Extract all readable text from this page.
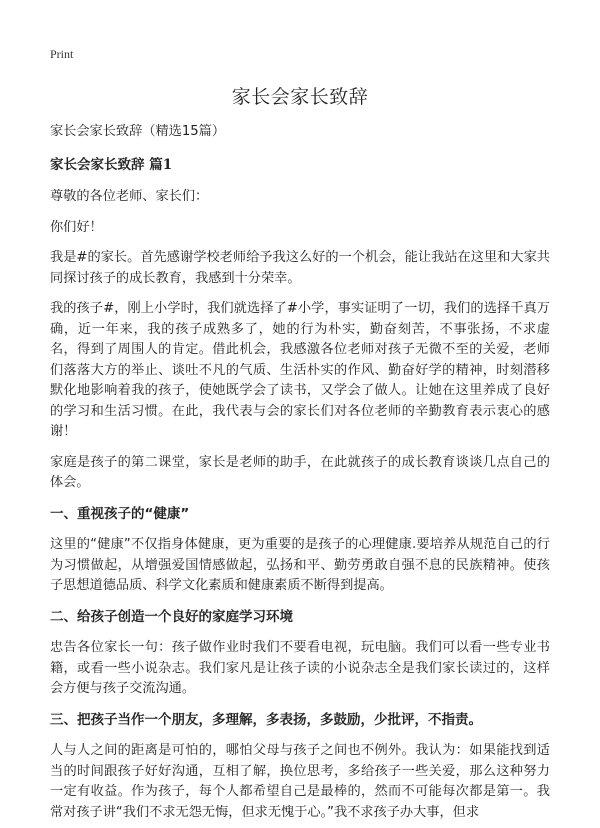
Print
家长会家长致辞
家长会家长致辞（精选15篇）
家长会家长致辞 篇1
尊敬的各位老师、家长们：
你们好！
我是#的家长。首先感谢学校老师给予我这么好的一个机会，能让我站在这里和大家共同探讨孩子的成长教育，我感到十分荣幸。
我的孩子#，刚上小学时，我们就选择了#小学，事实证明了一切，我们的选择千真万确，近一年来，我的孩子成熟多了，她的行为朴实，勤奋刻苦，不事张扬，不求虚名，得到了周围人的肯定。借此机会，我感激各位老师对孩子无微不至的关爱，老师们落落大方的举止、谈吐不凡的气质、生活朴实的作风、勤奋好学的精神，时刻潜移默化地影响着我的孩子，使她既学会了读书，又学会了做人。让她在这里养成了良好的学习和生活习惯。在此，我代表与会的家长们对各位老师的辛勤教育表示衷心的感谢！
家庭是孩子的第二课堂，家长是老师的助手，在此就孩子的成长教育谈谈几点自己的体会。
一、重视孩子的“健康”
这里的“健康”不仅指身体健康，更为重要的是孩子的心理健康.要培养从规范自己的行为习惯做起，从增强爱国情感做起，弘扬和平、勤劳勇敢自强不息的民族精神。使孩子思想道德品质、科学文化素质和健康素质不断得到提高。
二、给孩子创造一个良好的家庭学习环境
忠告各位家长一句：孩子做作业时我们不要看电视，玩电脑。我们可以看一些专业书籍，或看一些小说杂志。我们家凡是让孩子读的小说杂志全是我们家长读过的，这样会方便与孩子交流沟通。
三、把孩子当作一个朋友，多理解，多表扬，多鼓励，少批评，不指责。
人与人之间的距离是可怕的，哪怕父母与孩子之间也不例外。我认为：如果能找到适当的时间跟孩子好好沟通，互相了解，换位思考，多给孩子一些关爱，那么这种努力一定有收益。作为孩子，每个人都希望自己是最棒的，然而不可能每次都是第一。我常对孩子讲“我们不求无怨无悔，但求无愧于心。”我不求孩子办大事，但求
